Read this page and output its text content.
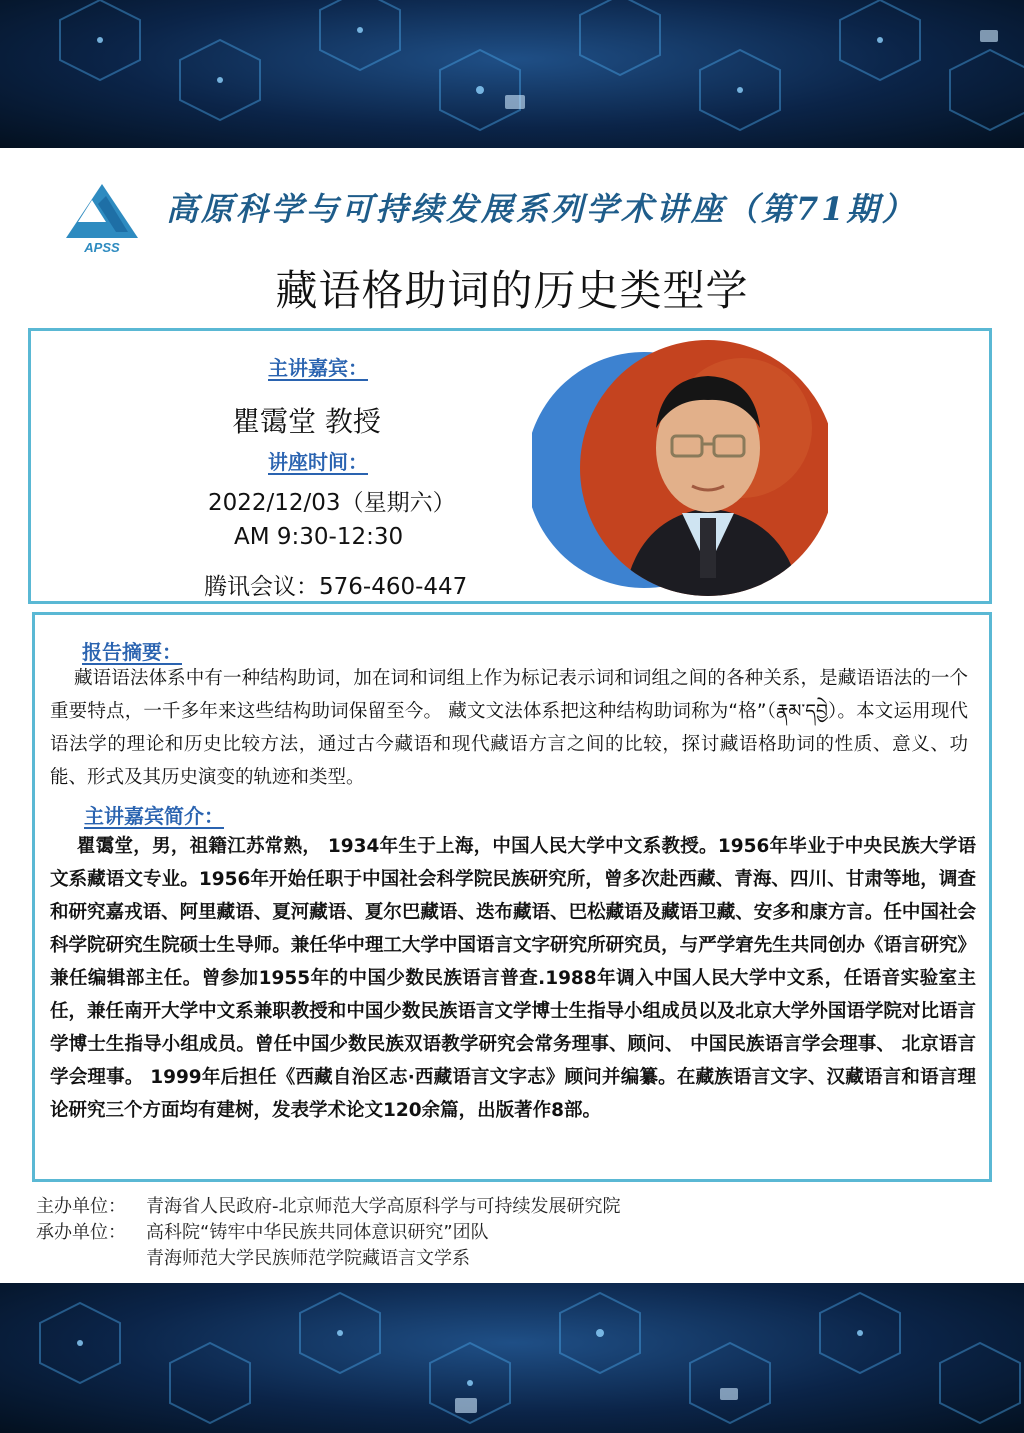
APSS
高原科学与可持续发展系列学术讲座（第71期）
藏语格助词的历史类型学
主讲嘉宾：
瞿霭堂 教授
讲座时间：
2022/12/03（星期六）
AM 9:30-12:30
腾讯会议：576-460-447
报告摘要：
藏语语法体系中有一种结构助词，加在词和词组上作为标记表示词和词组之间的各种关系，是藏语语法的一个重要特点，一千多年来这些结构助词保留至今。 藏文文法体系把这种结构助词称为“格”（རྣམ་དབྱེ）。本文运用现代语法学的理论和历史比较方法，通过古今藏语和现代藏语方言之间的比较，探讨藏语格助词的性质、意义、功能、形式及其历史演变的轨迹和类型。
主讲嘉宾简介：
瞿霭堂，男，祖籍江苏常熟， 1934年生于上海，中国人民大学中文系教授。1956年毕业于中央民族大学语文系藏语文专业。1956年开始任职于中国社会科学院民族研究所，曾多次赴西藏、青海、四川、甘肃等地，调查和研究嘉戎语、阿里藏语、夏河藏语、夏尔巴藏语、迭布藏语、巴松藏语及藏语卫藏、安多和康方言。任中国社会科学院研究生院硕士生导师。兼任华中理工大学中国语言文字研究所研究员，与严学宭先生共同创办《语言研究》兼任编辑部主任。曾参加1955年的中国少数民族语言普查.1988年调入中国人民大学中文系，任语音实验室主任，兼任南开大学中文系兼职教授和中国少数民族语言文学博士生指导小组成员以及北京大学外国语学院对比语言学博士生指导小组成员。曾任中国少数民族双语教学研究会常务理事、顾问、 中国民族语言学会理事、 北京语言学会理事。 1999年后担任《西藏自治区志·西藏语言文字志》顾问并编纂。在藏族语言文字、汉藏语言和语言理论研究三个方面均有建树，发表学术论文120余篇，出版著作8部。
主办单位： 青海省人民政府-北京师范大学高原科学与可持续发展研究院
承办单位： 高科院“铸牢中华民族共同体意识研究”团队
青海师范大学民族师范学院藏语言文学系
